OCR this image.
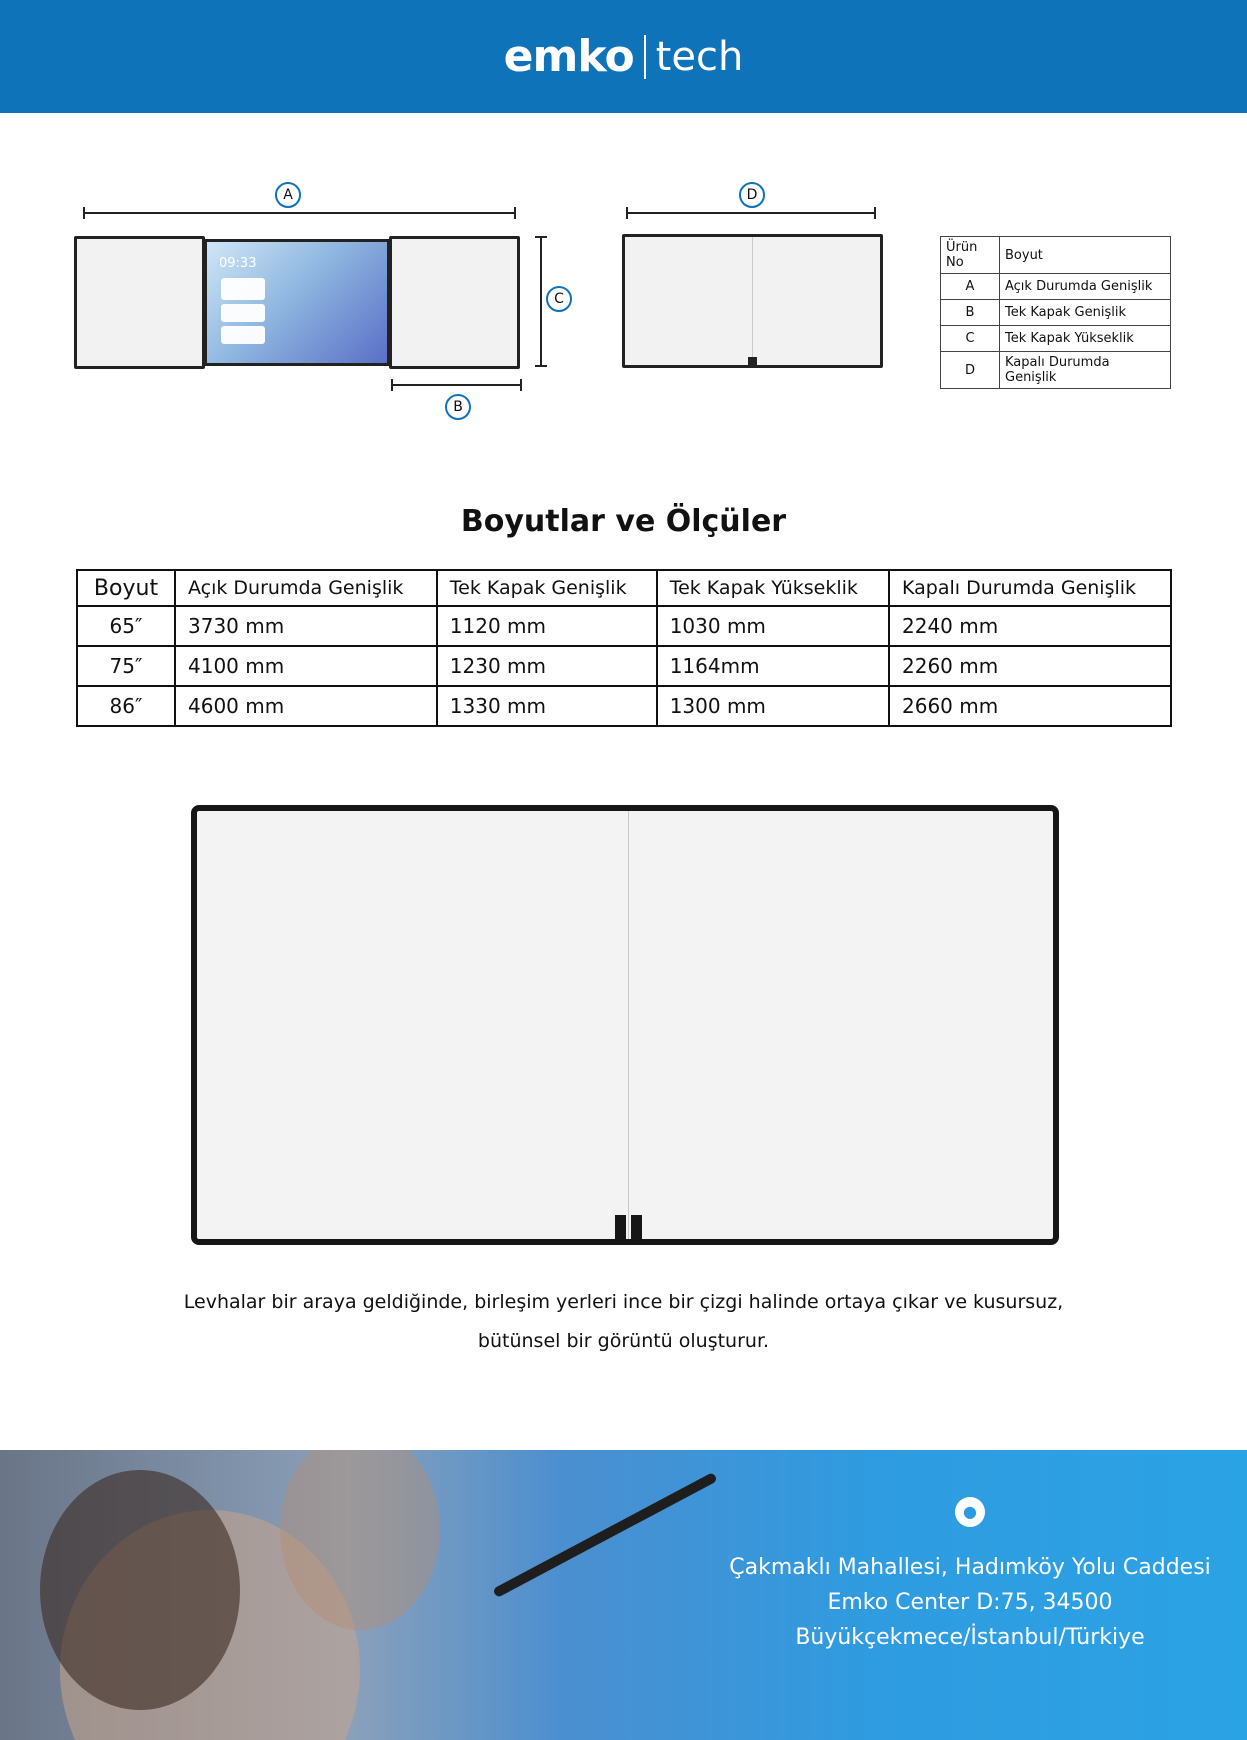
emko tech
A
09:33
C
B
D
Ürün No	Boyut
A	Açık Durumda Genişlik
B	Tek Kapak Genişlik
C	Tek Kapak Yükseklik
D	Kapalı Durumda Genişlik
Boyutlar ve Ölçüler
Boyut	Açık Durumda Genişlik	Tek Kapak Genişlik	Tek Kapak Yükseklik	Kapalı Durumda Genişlik
65″	3730 mm	1120 mm	1030 mm	2240 mm
75″	4100 mm	1230 mm	1164mm	2260 mm
86″	4600 mm	1330 mm	1300 mm	2660 mm
Levhalar bir araya geldiğinde, birleşim yerleri ince bir çizgi halinde ortaya çıkar ve kusursuz,
bütünsel bir görüntü oluşturur.
●
Çakmaklı Mahallesi, Hadımköy Yolu Caddesi
Emko Center D:75, 34500
Büyükçekmece/İstanbul/Türkiye
